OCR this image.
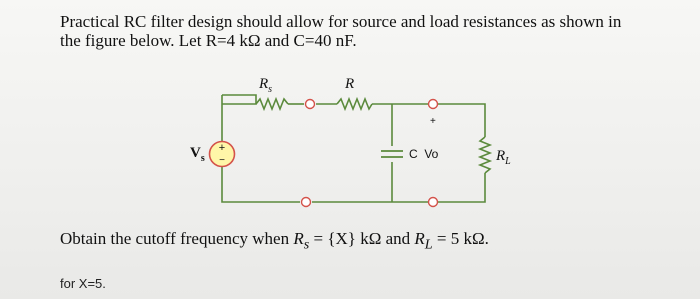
Practical RC filter design should allow for source and load resistances as shown in
the figure below. Let R=4 kΩ and C=40 nF.
+
−
$R_s$	R
$V_s$	C  Vo
+
$R_L$
Obtain the cutoff frequency when $R_s = \{X\}$ kΩ and $R_L = 5$ kΩ.
for X=5.
